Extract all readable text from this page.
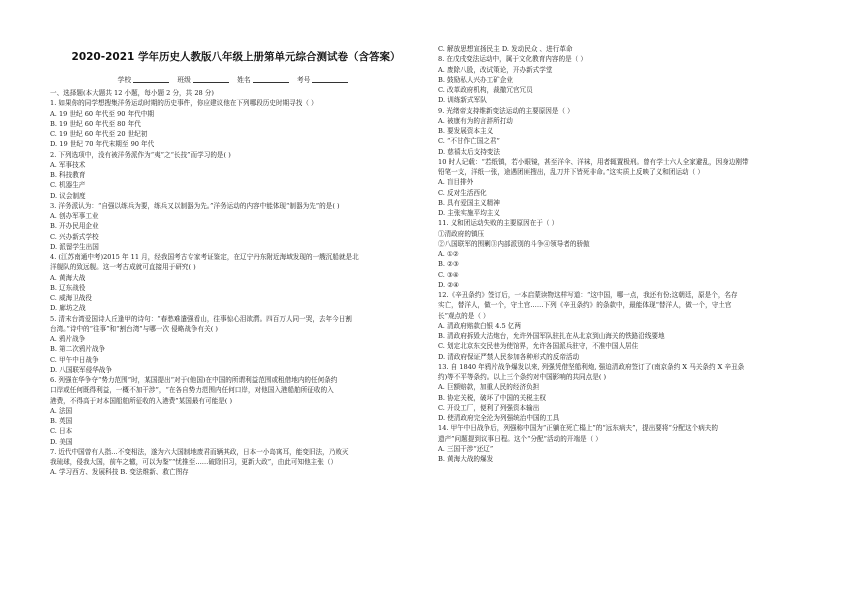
2020-2021 学年历史人教版八年级上册第单元综合测试卷（含答案）
学校	班级	姓名	考号
一、选择题(本大题共 12 小题，每小题 2 分，共 28 分)
1. 如果你的同学想搜集洋务运动时期的历史事件，你应建议他在下列哪段历史时期寻找（ ）
A. 19 世纪 60 年代至 90 年代中期
B. 19 世纪 60 年代至 80 年代
C. 19 世纪 60 年代至 20 世纪初
D. 19 世纪 70 年代末期至 90 年代
2. 下列选项中，没有被洋务派作为“夷”之“长技”而学习的是( )
A. 军事技术
B. 科技教育
C. 机器生产
D. 议会制度
3. 洋务派认为：“自强以练兵为要，练兵又以制器为先。”洋务运动的内容中能体现“制器为先”的是( )
A. 创办军事工业
B. 开办民用企业
C. 兴办新式学校
D. 派留学生出国
4. (江苏南通中考)2015 年 11 月，经我国考古专家考证鉴定，在辽宁丹东附近海域发现的一艘沉船就是北
洋舰队的致远舰。这一考古成就可直接用于研究( )
A. 黄海大战
B. 辽东战役
C. 威海卫战役
D. 廊坊之战
5. 清末台湾爱国诗人丘逢甲的诗句：“春愁难遣强看山，往事惊心泪欲潸。四百万人同一哭，去年今日割
台湾。”诗中的“往事”和“割台湾”与哪一次 侵略战争有关( )
A. 鸦片战争
B. 第二次鸦片战争
C. 甲午中日战争
D. 八国联军侵华战争
6. 列强在华争夺“势力范围”时，某国提出“对于(他国)在中国的所谓利益范围或租借地内的任何条约
口岸或任何既得利益，一概不加干涉”，“在各自势力范围内任何口岸，对他国入港船舶所征收的入
港费，不得高于对本国船舶所征收的入港费”某国最有可能是( )
A. 法国
B. 英国
C. 日本
D. 美国
7. 近代中国曾有人指…不变相法，遂为六大国制地废君而辆其政，日本一小岛寓耳，能变旧法，乃败灭
我琉球，侵我大国，前车之辙，可以为鉴”“忧推至……破除旧习，更新大政”，由此可知他主张（）
A. 学习西方、发展科技 B. 变法维新、救亡图存
C. 解放思想宣扬民主 D. 发动民众 、进行革命
8. 在戊戌变法运动中，属于文化教育内容的是（ ）
A. 废除八股，改试策论，开办新式学堂
B. 鼓励私人兴办工矿企业
C. 改革政府机构，裁撤冗官冗员
D. 训练新式军队
9. 光绪帝支持维新变法运动的主要原因是（ ）
A. 被康有为的言辞所打动
B. 要发展资本主义
C. “不甘作亡国之君”
D. 慈禧太后支持变法
10 时人记载：“若纸镇，若小眼镜，甚至洋伞、洋袜，用者辄置极刑。曾有学士六人全家避乱，因身边刚带
铅笔一支，洋纸一张，途遇团匪搜出，乱刀并下皆死非命。”这实质上反映了义和团运动（ ）
A. 盲目排外
C. 反对生活西化
B. 具有爱国主义精神
D. 主张实施平均主义
11. 义和团运动失败的主要原因在于（ ）
①清政府的镇压
②八国联军的围剿③内部派别的斗争④领导者的骄傲
A. ①②
B. ②③
C. ③④
D. ②④
12.《辛丑条约》签订后，一本启蒙读物这样写道：“这中国，哪一点，我还有份;这朝廷，原是个，名存
实亡，替洋人，做一个，守土官……下列《辛丑条约》的条款中，最能体现“替洋人，做一个，守土官
长”观点的是（ ）
A. 清政府赔款白银 4.5 亿两
B. 清政府拆毁大沽炮台，允许外国军队驻扎在从北京到山海关的铁路沿线要地
C. 划定北京东交民巷为使馆界，允许各国派兵驻守，不准中国人居住
D. 清政府保证严禁人民参加各种形式的反帝活动
13. 自 1840 年鸦片战争爆发以来, 列强凭借坚船利炮, 强迫清政府签订了(南京条约 X 马关条约 X 辛丑条
约)等不平等条约。以上三个条约对中国影响的共同点是( )
A. 巨额赔款，加重人民的经济负担
B. 协定关税，破坏了中国的关税主权
C. 开设工厂，便利了列强资本输出
D. 使清政府完全沦为列强统治中国的工具
14. 甲午中日战争后，列强称中国为“正躺在死亡榻上”的“远东病夫”，提出要将“分配这个病夫的
遗产”问题提到议事日程。这个“分配”活动的开端是（ ）
A. 三国干涉“还辽”
B. 黄海大战的爆发
